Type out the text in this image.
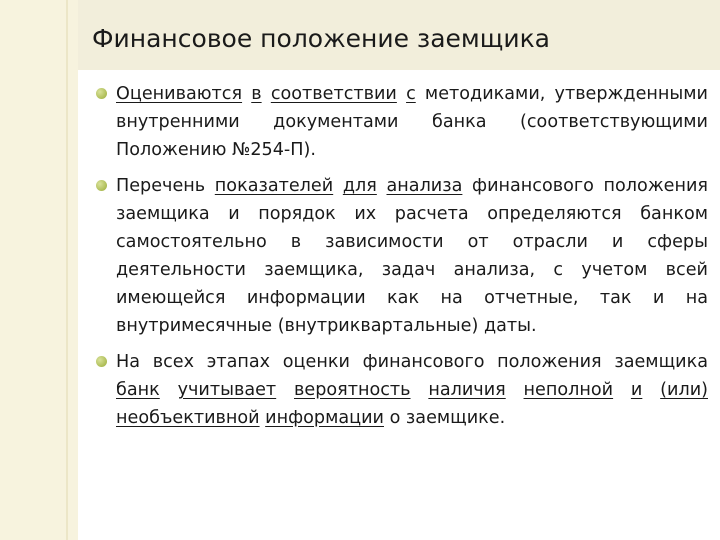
Финансовое положение заемщика
Оцениваются в соответствии с методиками, утвержденными внутренними документами банка (соответствующими Положению №254-П).
Перечень показателей для анализа финансового положения заемщика и порядок их расчета определяются банком самостоятельно в зависимости от отрасли и сферы деятельности заемщика, задач анализа, с учетом всей имеющейся информации как на отчетные, так и на внутримесячные (внутриквартальные) даты.
На всех этапах оценки финансового положения заемщика банк учитывает вероятность наличия неполной и (или) необъективной информации о заемщике.
